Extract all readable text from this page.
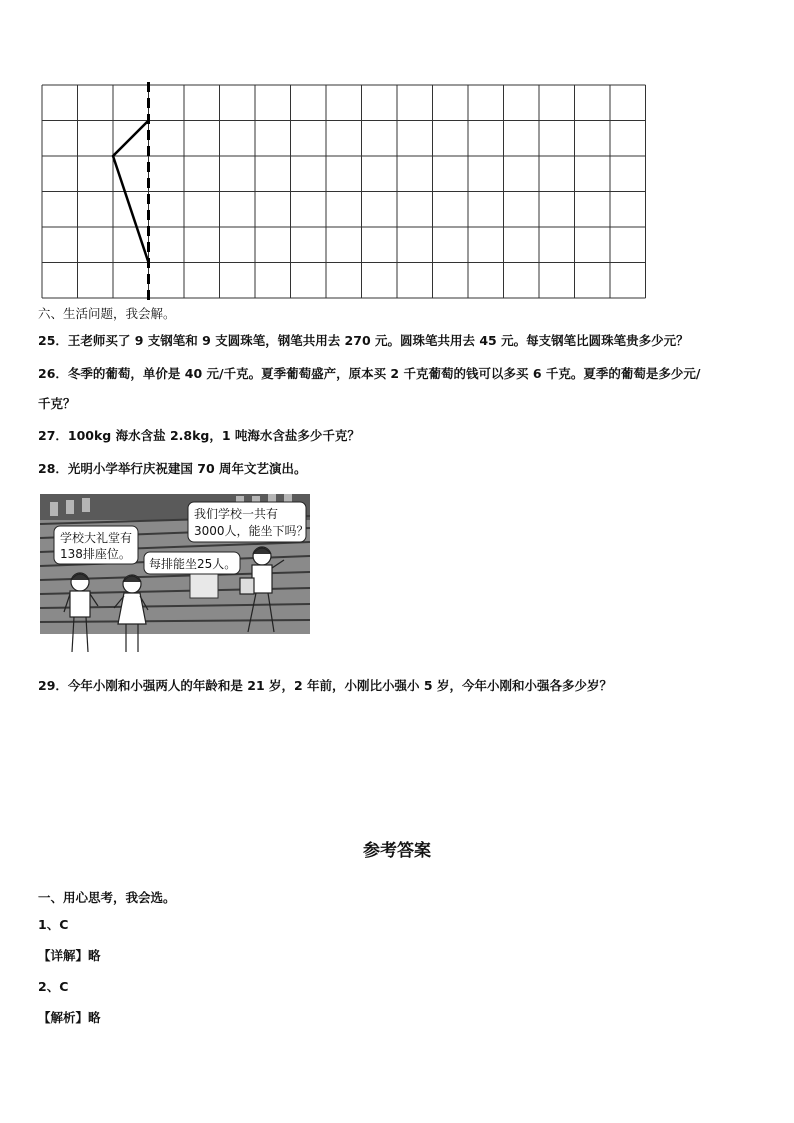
六、生活问题，我会解。
25．王老师买了 9 支钢笔和 9 支圆珠笔，钢笔共用去 270 元。圆珠笔共用去 45 元。每支钢笔比圆珠笔贵多少元？
26．冬季的葡萄，单价是 40 元/千克。夏季葡萄盛产，原本买 2 千克葡萄的钱可以多买 6 千克。夏季的葡萄是多少元/
千克？
27．100kg 海水含盐 2.8kg，1 吨海水含盐多少千克？
28．光明小学举行庆祝建国 70 周年文艺演出。
学校大礼堂有
138排座位。
每排能坐25人。
我们学校一共有
3000人，能坐下吗？
29．今年小刚和小强两人的年龄和是 21 岁，2 年前，小刚比小强小 5 岁，今年小刚和小强各多少岁？
参考答案
一、用心思考，我会选。
1、C
【详解】略
2、C
【解析】略
